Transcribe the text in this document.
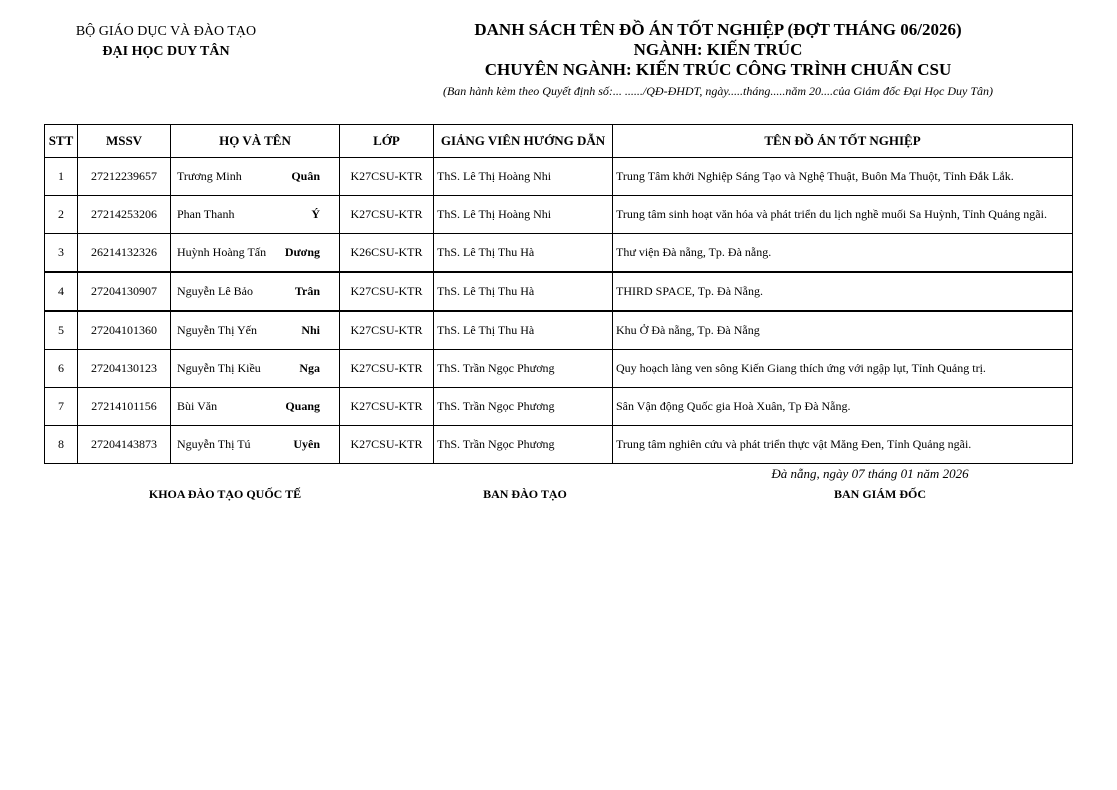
BỘ GIÁO DỤC VÀ ĐÀO TẠO
ĐẠI HỌC DUY TÂN
DANH SÁCH TÊN ĐỒ ÁN TỐT NGHIỆP (ĐỢT THÁNG 06/2026)
NGÀNH: KIẾN TRÚC
CHUYÊN NGÀNH: KIẾN TRÚC CÔNG TRÌNH CHUẨN CSU
(Ban hành kèm theo Quyết định số:... ....../QĐ-ĐHDT, ngày.....tháng.....năm 20....của Giám đốc Đại Học Duy Tân)
STT	MSSV	HỌ VÀ TÊN	LỚP	GIẢNG VIÊN HƯỚNG DẪN	TÊN ĐỒ ÁN TỐT NGHIỆP
1	27212239657	Trương Minh Quân	K27CSU-KTR	ThS. Lê Thị Hoàng Nhi	Trung Tâm khởi Nghiệp Sáng Tạo và Nghệ Thuật, Buôn Ma Thuột, Tỉnh Đắk Lắk.
2	27214253206	Phan Thanh Ý	K27CSU-KTR	ThS. Lê Thị Hoàng Nhi	Trung tâm sinh hoạt văn hóa và phát triển du lịch nghề muối Sa Huỳnh, Tỉnh Quảng ngãi.
3	26214132326	Huỳnh Hoàng Tấn Dương	K26CSU-KTR	ThS. Lê Thị Thu Hà	Thư viện Đà nẵng, Tp. Đà nẵng.
4	27204130907	Nguyễn Lê Bảo Trân	K27CSU-KTR	ThS. Lê Thị Thu Hà	THIRD SPACE, Tp. Đà Nẵng.
5	27204101360	Nguyễn Thị Yến Nhi	K27CSU-KTR	ThS. Lê Thị Thu Hà	Khu Ở Đà nẵng, Tp. Đà Nẵng
6	27204130123	Nguyễn Thị Kiều Nga	K27CSU-KTR	ThS. Trần Ngọc Phương	Quy hoạch làng ven sông Kiến Giang thích ứng với ngập lụt, Tỉnh Quảng trị.
7	27214101156	Bùi Văn Quang	K27CSU-KTR	ThS. Trần Ngọc Phương	Sân Vận động Quốc gia Hoà Xuân, Tp Đà Nẵng.
8	27204143873	Nguyễn Thị Tú Uyên	K27CSU-KTR	ThS. Trần Ngọc Phương	Trung tâm nghiên cứu và phát triển thực vật Măng Đen, Tỉnh Quảng ngãi.
Đà nẵng, ngày 07 tháng 01 năm 2026
KHOA ĐÀO TẠO QUỐC TẾ	BAN ĐÀO TẠO	BAN GIÁM ĐỐC
